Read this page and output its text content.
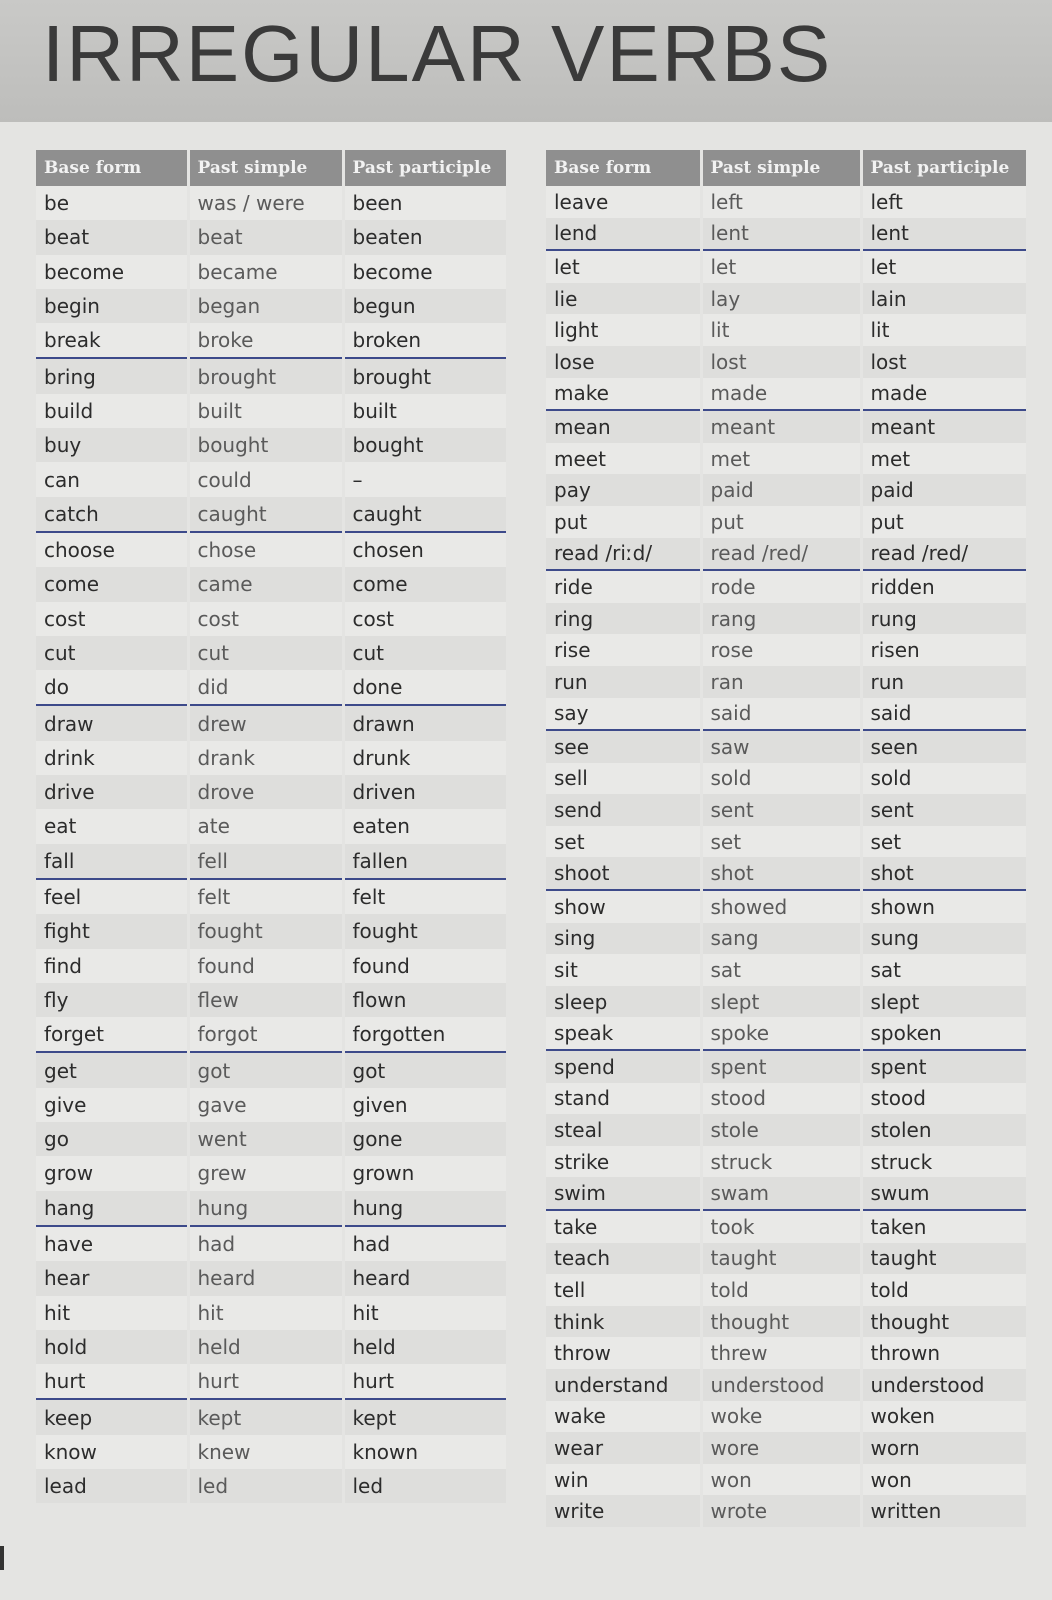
IRREGULAR VERBS
Base form	Past simple	Past participle
be	was / were	been
beat	beat	beaten
become	became	become
begin	began	begun
break	broke	broken
bring	brought	brought
build	built	built
buy	bought	bought
can	could	–
catch	caught	caught
choose	chose	chosen
come	came	come
cost	cost	cost
cut	cut	cut
do	did	done
draw	drew	drawn
drink	drank	drunk
drive	drove	driven
eat	ate	eaten
fall	fell	fallen
feel	felt	felt
fight	fought	fought
find	found	found
fly	flew	flown
forget	forgot	forgotten
get	got	got
give	gave	given
go	went	gone
grow	grew	grown
hang	hung	hung
have	had	had
hear	heard	heard
hit	hit	hit
hold	held	held
hurt	hurt	hurt
keep	kept	kept
know	knew	known
lead	led	led
Base form	Past simple	Past participle
leave	left	left
lend	lent	lent
let	let	let
lie	lay	lain
light	lit	lit
lose	lost	lost
make	made	made
mean	meant	meant
meet	met	met
pay	paid	paid
put	put	put
read /riːd/	read /red/	read /red/
ride	rode	ridden
ring	rang	rung
rise	rose	risen
run	ran	run
say	said	said
see	saw	seen
sell	sold	sold
send	sent	sent
set	set	set
shoot	shot	shot
show	showed	shown
sing	sang	sung
sit	sat	sat
sleep	slept	slept
speak	spoke	spoken
spend	spent	spent
stand	stood	stood
steal	stole	stolen
strike	struck	struck
swim	swam	swum
take	took	taken
teach	taught	taught
tell	told	told
think	thought	thought
throw	threw	thrown
understand	understood	understood
wake	woke	woken
wear	wore	worn
win	won	won
write	wrote	written
